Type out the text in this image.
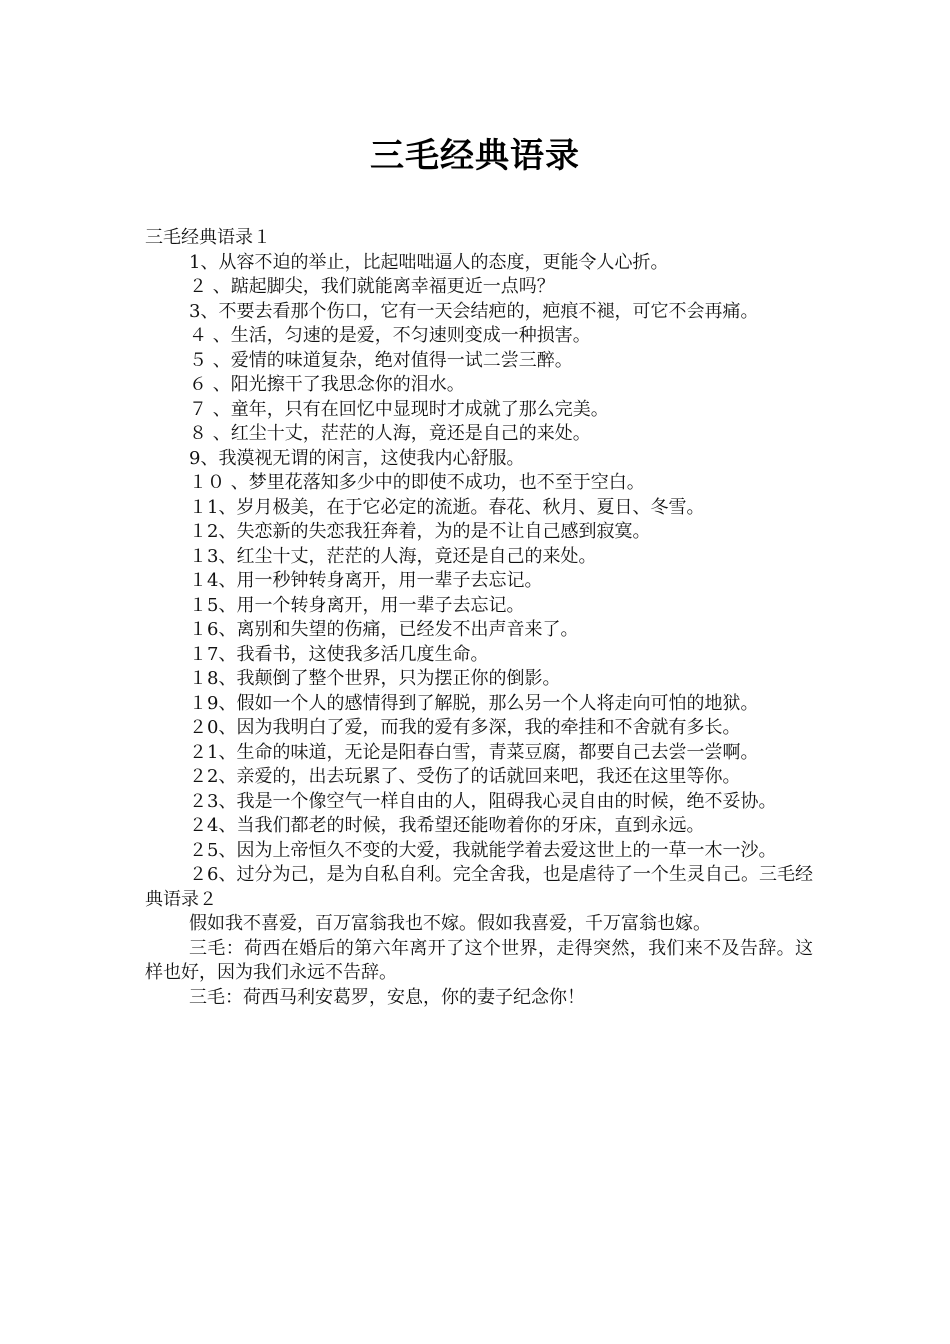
三毛经典语录

三毛经典语录１

1、从容不迫的举止，比起咄咄逼人的态度，更能令人心折。

２ 、踮起脚尖，我们就能离幸福更近一点吗？

3、不要去看那个伤口，它有一天会结疤的，疤痕不褪，可它不会再痛。

４ 、生活，匀速的是爱，不匀速则变成一种损害。

５ 、爱情的味道复杂，绝对值得一试二尝三醉。

６ 、阳光擦干了我思念你的泪水。

７ 、童年，只有在回忆中显现时才成就了那么完美。

８ 、红尘十丈，茫茫的人海，竟还是自己的来处。

9、我漠视无谓的闲言，这使我内心舒服。

１０ 、梦里花落知多少中的即使不成功，也不至于空白。

１1、岁月极美，在于它必定的流逝。春花、秋月、夏日、冬雪。

１2、失恋新的失恋我狂奔着，为的是不让自己感到寂寞。

１3、红尘十丈，茫茫的人海，竟还是自己的来处。

１4、用一秒钟转身离开，用一辈子去忘记。

１5、用一个转身离开，用一辈子去忘记。

１6、离别和失望的伤痛，已经发不出声音来了。

１7、我看书，这使我多活几度生命。

１8、我颠倒了整个世界，只为摆正你的倒影。

１9、假如一个人的感情得到了解脱，那么另一个人将走向可怕的地狱。

２0、因为我明白了爱，而我的爱有多深，我的牵挂和不舍就有多长。

２1、生命的味道，无论是阳春白雪，青菜豆腐，都要自己去尝一尝啊。

２2、亲爱的，出去玩累了、受伤了的话就回来吧，我还在这里等你。

２3、我是一个像空气一样自由的人，阻碍我心灵自由的时候，绝不妥协。

２4、当我们都老的时候，我希望还能吻着你的牙床，直到永远。

２5、因为上帝恒久不变的大爱，我就能学着去爱这世上的一草一木一沙。

２6、过分为己，是为自私自利。完全舍我，也是虐待了一个生灵自己。三毛经典语录２

假如我不喜爱，百万富翁我也不嫁。假如我喜爱，千万富翁也嫁。

三毛：荷西在婚后的第六年离开了这个世界，走得突然，我们来不及告辞。这样也好，因为我们永远不告辞。

三毛：荷西马利安葛罗，安息，你的妻子纪念你！
